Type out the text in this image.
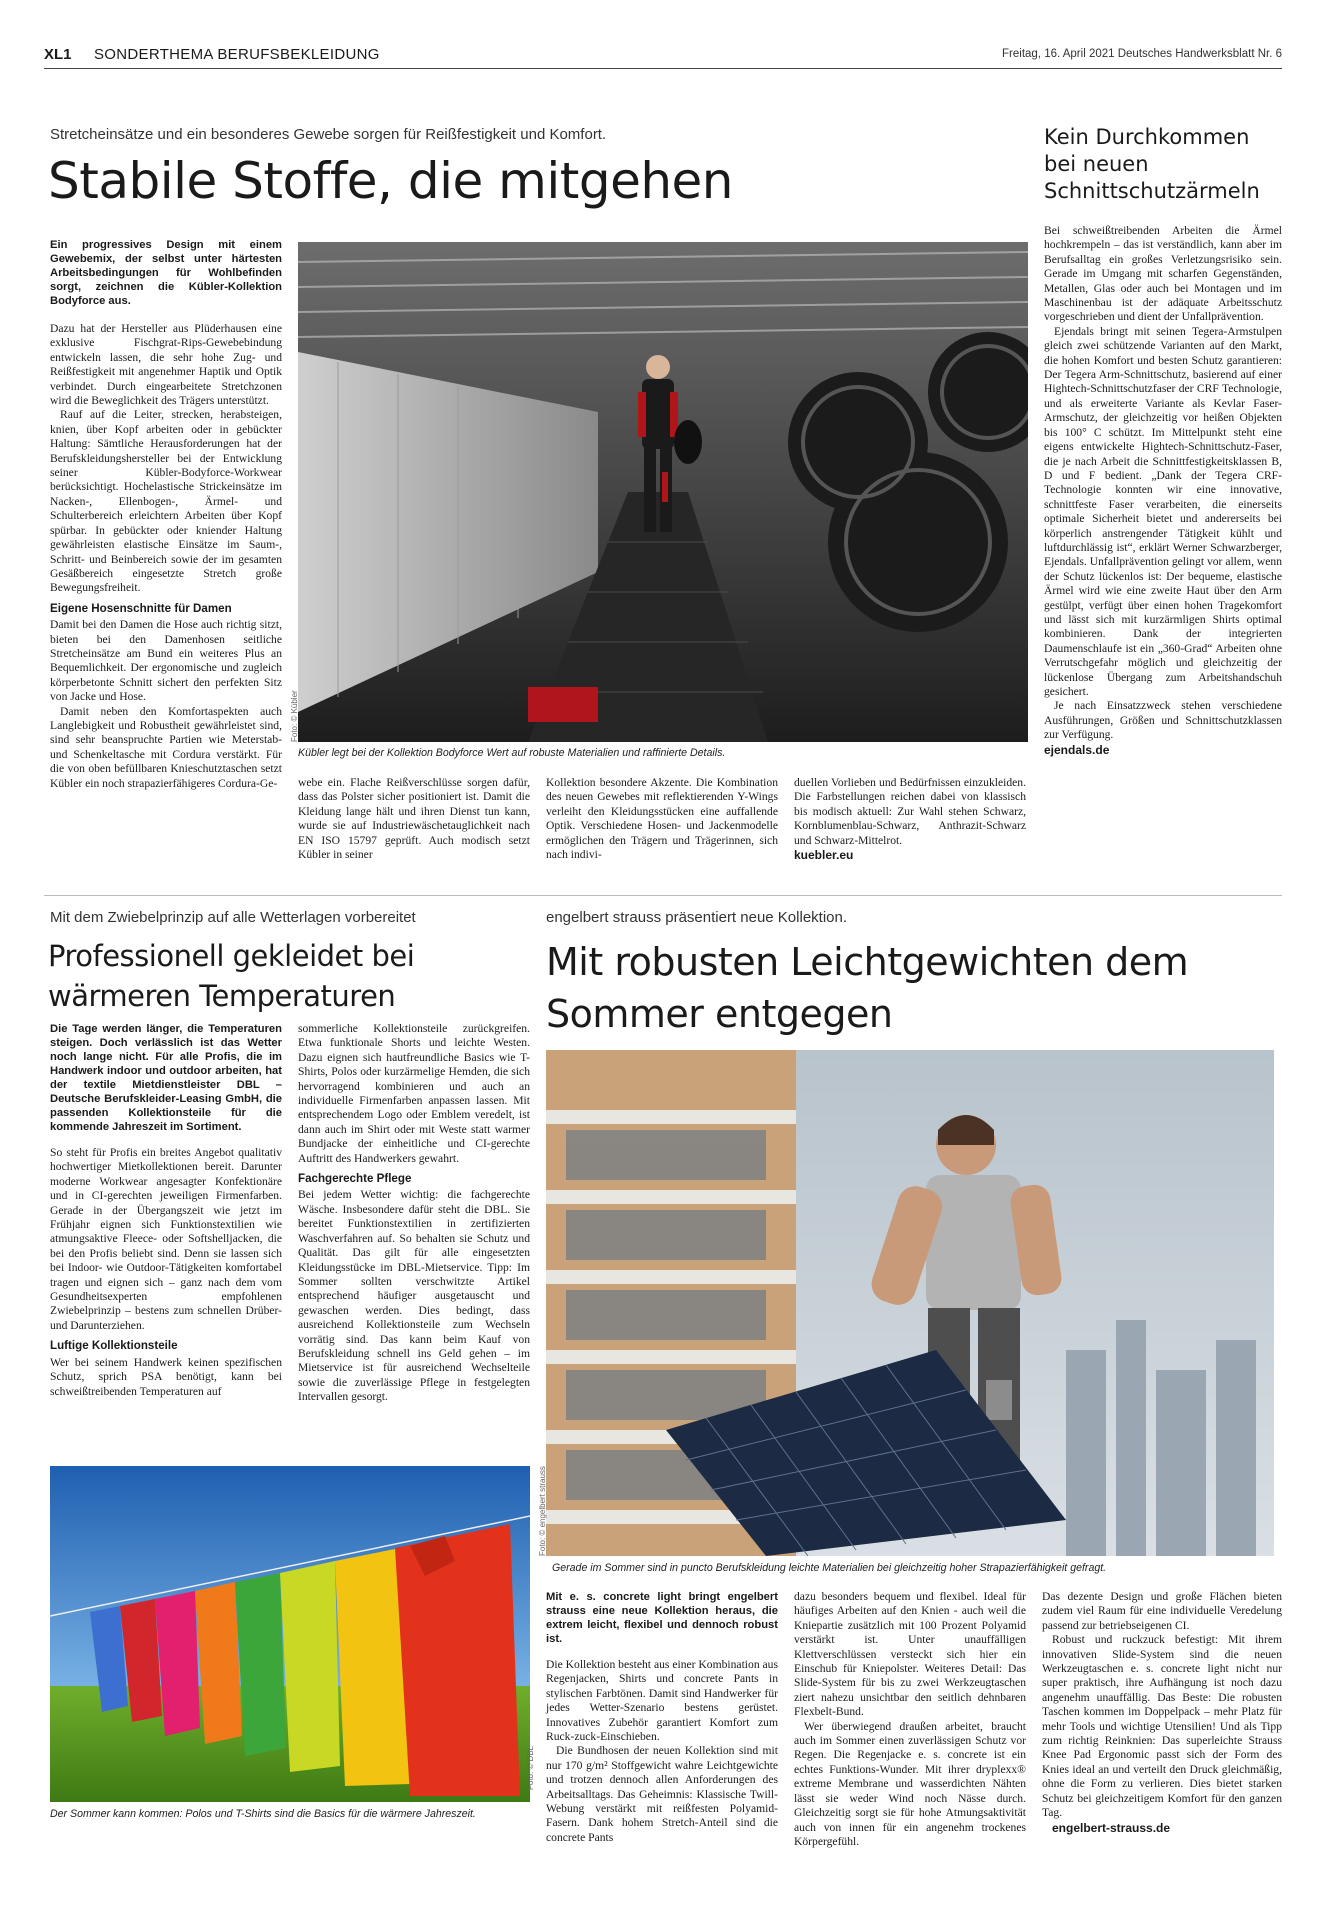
XL1 SONDERTHEMA BERUFSBEKLEIDUNG	Freitag, 16. April 2021 Deutsches Handwerksblatt Nr. 6
Stretcheinsätze und ein besonderes Gewebe sorgen für Reißfestigkeit und Komfort.
Stabile Stoffe, die mitgehen
Foto: © Kübler
Kübler legt bei der Kollektion Bodyforce Wert auf robuste Materialien und raffinierte Details.

Ein progressives Design mit einem Gewebemix, der selbst unter härtesten Arbeitsbedingungen für Wohlbefinden sorgt, zeichnen die Kübler-Kollektion Bodyforce aus.

Dazu hat der Hersteller aus Plüderhausen eine exklusive Fischgrat-Rips-Gewebebindung entwickeln lassen, die sehr hohe Zug- und Reißfestigkeit mit angenehmer Haptik und Optik verbindet. Durch eingearbeitete Stretchzonen wird die Beweglichkeit des Trägers unterstützt.

Rauf auf die Leiter, strecken, herabsteigen, knien, über Kopf arbeiten oder in gebückter Haltung: Sämtliche Herausforderungen hat der Berufskleidungshersteller bei der Entwicklung seiner Kübler-Bodyforce-Workwear berücksichtigt. Hochelastische Strickeinsätze im Nacken-, Ellenbogen-, Ärmel- und Schulterbereich erleichtern Arbeiten über Kopf spürbar. In gebückter oder kniender Haltung gewährleisten elastische Einsätze im Saum-, Schritt- und Beinbereich sowie der im gesamten Gesäßbereich eingesetzte Stretch große Bewegungsfreiheit.

Eigene Hosenschnitte für Damen

Damit bei den Damen die Hose auch richtig sitzt, bieten bei den Damenhosen seitliche Stretcheinsätze am Bund ein weiteres Plus an Bequemlichkeit. Der ergonomische und zugleich körperbetonte Schnitt sichert den perfekten Sitz von Jacke und Hose.

Damit neben den Komfortaspekten auch Langlebigkeit und Robustheit gewährleistet sind, sind sehr beanspruchte Partien wie Meterstab- und Schenkeltasche mit Cordura verstärkt. Für die von oben befüllbaren Knieschutztaschen setzt Kübler ein noch strapazierfähigeres Cordura-Ge-	webe ein. Flache Reißverschlüsse sorgen dafür, dass das Polster sicher positioniert ist. Damit die Kleidung lange hält und ihren Dienst tun kann, wurde sie auf Industriewäschetauglichkeit nach EN ISO 15797 geprüft. Auch modisch setzt Kübler in seiner

Kollektion besondere Akzente. Die Kombination des neuen Gewebes mit reflektierenden Y-Wings verleiht den Kleidungsstücken eine auffallende Optik. Verschiedene Hosen- und Jackenmodelle ermöglichen den Trägern und Trägerinnen, sich nach indivi-

duellen Vorlieben und Bedürfnissen einzukleiden. Die Farbstellungen reichen dabei von klassisch bis modisch aktuell: Zur Wahl stehen Schwarz, Kornblumenblau-Schwarz, Anthrazit-Schwarz und Schwarz-Mittelrot.

kuebler.eu
Kein Durchkommen bei neuen Schnittschutzärmeln

Bei schweißtreibenden Arbeiten die Ärmel hochkrempeln – das ist verständlich, kann aber im Berufsalltag ein großes Verletzungsrisiko sein. Gerade im Umgang mit scharfen Gegenständen, Metallen, Glas oder auch bei Montagen und im Maschinenbau ist der adäquate Arbeitsschutz vorgeschrieben und dient der Unfallprävention.

Ejendals bringt mit seinen Tegera-Armstulpen gleich zwei schützende Varianten auf den Markt, die hohen Komfort und besten Schutz garantieren: Der Tegera Arm-Schnittschutz, basierend auf einer Hightech-Schnittschutzfaser der CRF Technologie, und als erweiterte Variante als Kevlar Faser-Armschutz, der gleichzeitig vor heißen Objekten bis 100° C schützt. Im Mittelpunkt steht eine eigens entwickelte Hightech-Schnittschutz-Faser, die je nach Arbeit die Schnittfestigkeitsklassen B, D und F bedient. „Dank der Tegera CRF-Technologie konnten wir eine innovative, schnittfeste Faser verarbeiten, die einerseits optimale Sicherheit bietet und andererseits bei körperlich anstrengender Tätigkeit kühlt und luftdurchlässig ist“, erklärt Werner Schwarzberger, Ejendals. Unfallprävention gelingt vor allem, wenn der Schutz lückenlos ist: Der bequeme, elastische Ärmel wird wie eine zweite Haut über den Arm gestülpt, verfügt über einen hohen Tragekomfort und lässt sich mit kurzärmligen Shirts optimal kombinieren. Dank der integrierten Daumenschlaufe ist ein „360-Grad“ Arbeiten ohne Verrutschgefahr möglich und gleichzeitig der lückenlose Übergang zum Arbeitshandschuh gesichert.

Je nach Einsatzzweck stehen verschiedene Ausführungen, Größen und Schnittschutzklassen zur Verfügung.

ejendals.de
Mit dem Zwiebelprinzip auf alle Wetterlagen vorbereitet
Professionell gekleidet bei wärmeren Temperaturen

Die Tage werden länger, die Temperaturen steigen. Doch verlässlich ist das Wetter noch lange nicht. Für alle Profis, die im Handwerk indoor und outdoor arbeiten, hat der textile Mietdienstleister DBL – Deutsche Berufskleider-Leasing GmbH, die passenden Kollektionsteile für die kommende Jahreszeit im Sortiment.

So steht für Profis ein breites Angebot qualitativ hochwertiger Mietkollektionen bereit. Darunter moderne Workwear angesagter Konfektionäre und in CI-gerechten jeweiligen Firmenfarben. Gerade in der Übergangszeit wie jetzt im Frühjahr eignen sich Funktionstextilien wie atmungsaktive Fleece- oder Softshelljacken, die bei den Profis beliebt sind. Denn sie lassen sich bei Indoor- wie Outdoor-Tätigkeiten komfortabel tragen und eignen sich – ganz nach dem vom Gesundheitsexperten empfohlenen Zwiebelprinzip – bestens zum schnellen Drüber- und Darunterziehen.

Luftige Kollektionsteile

Wer bei seinem Handwerk keinen spezifischen Schutz, sprich PSA benötigt, kann bei schweißtreibenden Temperaturen auf

sommerliche Kollektionsteile zurückgreifen. Etwa funktionale Shorts und leichte Westen. Dazu eignen sich hautfreundliche Basics wie T-Shirts, Polos oder kurzärmelige Hemden, die sich hervorragend kombinieren und auch an individuelle Firmenfarben anpassen lassen. Mit entsprechendem Logo oder Emblem veredelt, ist dann auch im Shirt oder mit Weste statt warmer Bundjacke der einheitliche und CI-gerechte Auftritt des Handwerkers gewahrt.

Fachgerechte Pflege

Bei jedem Wetter wichtig: die fachgerechte Wäsche. Insbesondere dafür steht die DBL. Sie bereitet Funktionstextilien in zertifizierten Waschverfahren auf. So behalten sie Schutz und Qualität. Das gilt für alle eingesetzten Kleidungsstücke im DBL-Mietservice. Tipp: Im Sommer sollten verschwitzte Artikel entsprechend häufiger ausgetauscht und gewaschen werden. Dies bedingt, dass ausreichend Kollektionsteile zum Wechseln vorrätig sind. Das kann beim Kauf von Berufskleidung schnell ins Geld gehen – im Mietservice ist für ausreichend Wechselteile sowie die zuverlässige Pflege in festgelegten Intervallen gesorgt.

Foto: © DBL
Der Sommer kann kommen: Polos und T-Shirts sind die Basics für die wärmere Jahreszeit.
engelbert strauss präsentiert neue Kollektion.
Mit robusten Leichtgewichten dem Sommer entgegen
Foto: © engelbert strauss
Gerade im Sommer sind in puncto Berufskleidung leichte Materialien bei gleichzeitig hoher Strapazierfähigkeit gefragt.

Mit e. s. concrete light bringt engelbert strauss eine neue Kollektion heraus, die extrem leicht, flexibel und dennoch robust ist.

Die Kollektion besteht aus einer Kombination aus Regenjacken, Shirts und concrete Pants in stylischen Farbtönen. Damit sind Handwerker für jedes Wetter-Szenario bestens gerüstet. Innovatives Zubehör garantiert Komfort zum Ruck-zuck-Einschieben.

Die Bundhosen der neuen Kollektion sind mit nur 170 g/m² Stoffgewicht wahre Leichtgewichte und trotzen dennoch allen Anforderungen des Arbeitsalltags. Das Geheimnis: Klassische Twill-Webung verstärkt mit reißfesten Polyamid-Fasern. Dank hohem Stretch-Anteil sind die concrete Pants

dazu besonders bequem und flexibel. Ideal für häufiges Arbeiten auf den Knien - auch weil die Kniepartie zusätzlich mit 100 Prozent Polyamid verstärkt ist. Unter unauffälligen Klettverschlüssen versteckt sich hier ein Einschub für Kniepolster. Weiteres Detail: Das Slide-System für bis zu zwei Werkzeugtaschen ziert nahezu unsichtbar den seitlich dehnbaren Flexbelt-Bund.

Wer überwiegend draußen arbeitet, braucht auch im Sommer einen zuverlässigen Schutz vor Regen. Die Regenjacke e. s. concrete ist ein echtes Funktions-Wunder. Mit ihrer dryplexx® extreme Membrane und wasserdichten Nähten lässt sie weder Wind noch Nässe durch. Gleichzeitig sorgt sie für hohe Atmungsaktivität auch von innen für ein angenehm trockenes Körpergefühl.

Das dezente Design und große Flächen bieten zudem viel Raum für eine individuelle Veredelung passend zur betriebseigenen CI.

Robust und ruckzuck befestigt: Mit ihrem innovativen Slide-System sind die neuen Werkzeugtaschen e. s. concrete light nicht nur super praktisch, ihre Aufhängung ist noch dazu angenehm unauffällig. Das Beste: Die robusten Taschen kommen im Doppelpack – mehr Platz für mehr Tools und wichtige Utensilien! Und als Tipp zum richtig Reinknien: Das superleichte Strauss Knee Pad Ergonomic passt sich der Form des Knies ideal an und verteilt den Druck gleichmäßig, ohne die Form zu verlieren. Dies bietet starken Schutz bei gleichzeitigem Komfort für den ganzen Tag.

engelbert-strauss.de
